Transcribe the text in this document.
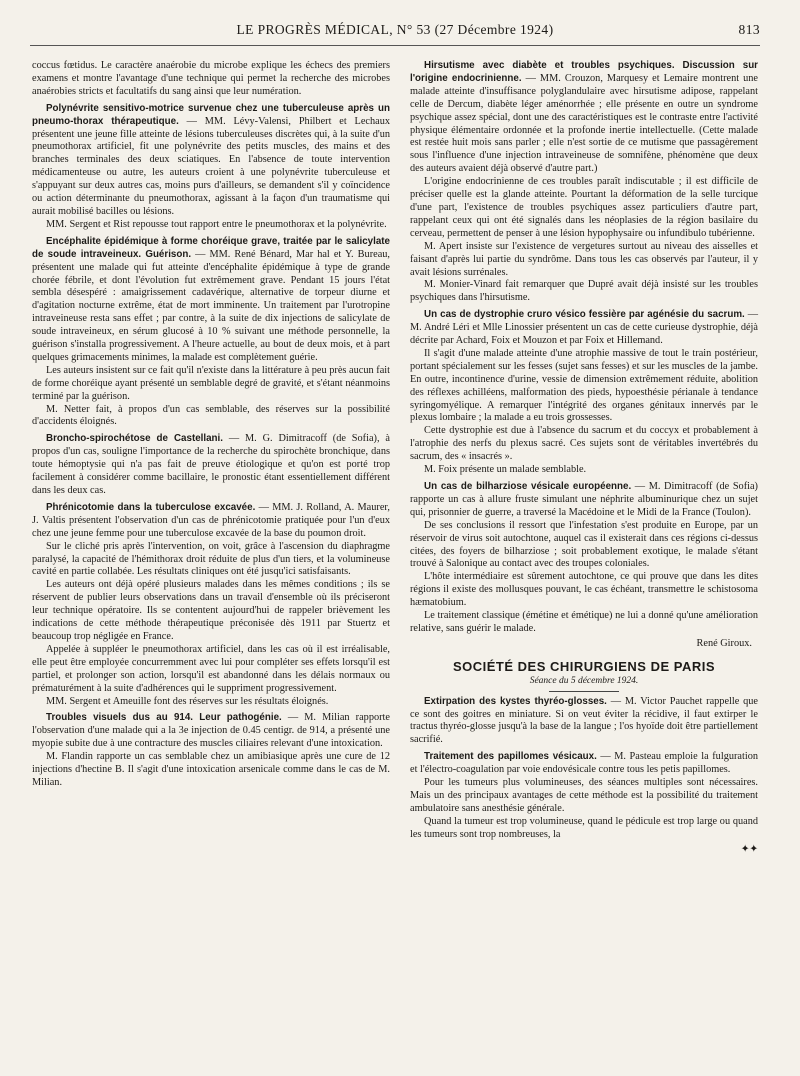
LE PROGRÈS MÉDICAL, N° 53 (27 Décembre 1924)	813

coccus fœtidus. Le caractère anaérobie du microbe explique les échecs des premiers examens et montre l'avantage d'une technique qui permet la recherche des microbes anaérobies stricts et facultatifs du sang ainsi que leur numération.

Polynévrite sensitivo-motrice survenue chez une tuberculeuse après un pneumo-thorax thérapeutique. — MM. Lévy-Valensi, Philbert et Lechaux présentent une jeune fille atteinte de lésions tuberculeuses discrètes qui, à la suite d'un pneumothorax artificiel, fit une polynévrite des petits muscles, des mains et des branches terminales des deux sciatiques. En l'absence de toute intervention médicamenteuse ou autre, les auteurs croient à une polynévrite tuberculeuse et s'appuyant sur deux autres cas, moins purs d'ailleurs, se demandent s'il y coïncidence ou action déterminante du pneumothorax, agissant à la façon d'un traumatisme qui aurait mobilisé bacilles ou lésions.

MM. Sergent et Rist repousse tout rapport entre le pneumothorax et la polynévrite.

Encéphalite épidémique à forme choréique grave, traitée par le salicylate de soude intraveineux. Guérison. — MM. René Bénard, Mar hal et Y. Bureau, présentent une malade qui fut atteinte d'encéphalite épidémique à type de grande chorée fébrile, et dont l'évolution fut extrêmement grave. Pendant 15 jours l'état sembla désespéré : amaigrissement cadavérique, alternative de torpeur diurne et d'agitation nocturne extrême, état de mort imminente. Un traitement par l'urotropine intraveineuse resta sans effet ; par contre, à la suite de dix injections de salicylate de soude intraveineux, en sérum glucosé à 10 % suivant une méthode personnelle, la guérison s'installa progressivement. A l'heure actuelle, au bout de deux mois, et à part quelques grimacements minimes, la malade est complètement guérie.

Les auteurs insistent sur ce fait qu'il n'existe dans la littérature à peu près aucun fait de forme choréique ayant présenté un semblable degré de gravité, et s'étant néanmoins terminé par la guérison.

M. Netter fait, à propos d'un cas semblable, des réserves sur la possibilité d'accidents éloignés.

Broncho-spirochétose de Castellani. — M. G. Dimitracoff (de Sofia), à propos d'un cas, souligne l'importance de la recherche du spirochète bronchique, dans toute hémoptysie qui n'a pas fait de preuve étiologique et qu'on est porté trop facilement à considérer comme bacillaire, le pronostic étant essentiellement différent dans les deux cas.

Phrénicotomie dans la tuberculose excavée. — MM. J. Rolland, A. Maurer, J. Valtis présentent l'observation d'un cas de phrénicotomie pratiquée pour l'un d'eux chez une jeune femme pour une tuberculose excavée de la base du poumon droit.

Sur le cliché pris après l'intervention, on voit, grâce à l'ascension du diaphragme paralysé, la capacité de l'hémithorax droit réduite de plus d'un tiers, et la volumineuse cavité en partie collabée. Les résultats cliniques ont été jusqu'ici satisfaisants.

Les auteurs ont déjà opéré plusieurs malades dans les mêmes conditions ; ils se réservent de publier leurs observations dans un travail d'ensemble où ils préciseront leur technique opératoire. Ils se contentent aujourd'hui de rappeler brièvement les indications de cette méthode thérapeutique préconisée dès 1911 par Stuertz et beaucoup trop négligée en France.

Appelée à suppléer le pneumothorax artificiel, dans les cas où il est irréalisable, elle peut être employée concurremment avec lui pour compléter ses effets lorsqu'il est partiel, et prolonger son action, lorsqu'il est abandonné dans les délais normaux ou prématurément à la suite d'adhérences qui le suppriment progressivement.

MM. Sergent et Ameuille font des réserves sur les résultats éloignés.

Troubles visuels dus au 914. Leur pathogénie. — M. Milian rapporte l'observation d'une malade qui a la 3e injection de 0.45 centigr. de 914, a présenté une myopie subite due à une contracture des muscles ciliaires relevant d'une intoxication.

M. Flandin rapporte un cas semblable chez un amibiasique après une cure de 12 injections d'hectine B. Il s'agit d'une intoxication arsenicale comme dans le cas de M. Milian.

Hirsutisme avec diabète et troubles psychiques. Discussion sur l'origine endocrinienne. — MM. Crouzon, Marquesy et Lemaire montrent une malade atteinte d'insuffisance polyglandulaire avec hirsutisme adipose, rappelant celle de Dercum, diabète léger aménorrhée ; elle présente en outre un syndrome psychique assez spécial, dont une des caractéristiques est le contraste entre l'activité physique élémentaire ordonnée et la profonde inertie intellectuelle. (Cette malade est restée huit mois sans parler ; elle n'est sortie de ce mutisme que passagèrement sous l'influence d'une injection intraveineuse de somnifène, phénomène que deux des auteurs avaient déjà observé d'autre part.)

L'origine endocrinienne de ces troubles paraît indiscutable ; il est difficile de préciser quelle est la glande atteinte. Pourtant la déformation de la selle turcique d'une part, l'existence de troubles psychiques assez particuliers d'autre part, rappelant ceux qui ont été signalés dans les néoplasies de la région basilaire du cerveau, permettent de penser à une lésion hypophysaire ou infundibulo tubérienne.

M. Apert insiste sur l'existence de vergetures surtout au niveau des aisselles et faisant d'après lui partie du syndrôme. Dans tous les cas observés par l'auteur, il y avait lésions surrénales.

M. Monier-Vinard fait remarquer que Dupré avait déjà insisté sur les troubles psychiques dans l'hirsutisme.

Un cas de dystrophie cruro vésico fessière par agénésie du sacrum. — M. André Léri et Mlle Linossier présentent un cas de cette curieuse dystrophie, déjà décrite par Achard, Foix et Mouzon et par Foix et Hillemand.

Il s'agit d'une malade atteinte d'une atrophie massive de tout le train postérieur, portant spécialement sur les fesses (sujet sans fesses) et sur les muscles de la jambe. En outre, incontinence d'urine, vessie de dimension extrêmement réduite, abolition des réflexes achilléens, malformation des pieds, hypoesthésie périanale à tendance syringomyélique. A remarquer l'intégrité des organes génitaux innervés par le plexus lombaire ; la malade a eu trois grossesses.

Cette dystrophie est due à l'absence du sacrum et du coccyx et probablement à l'atrophie des nerfs du plexus sacré. Ces sujets sont de véritables invertébrés du sacrum, des « insacrés ».

M. Foix présente un malade semblable.

Un cas de bilharziose vésicale européenne. — M. Dimitracoff (de Sofia) rapporte un cas à allure fruste simulant une néphrite albuminurique chez un sujet qui, prisonnier de guerre, a traversé la Macédoine et le Midi de la France (Toulon).

De ses conclusions il ressort que l'infestation s'est produite en Europe, par un réservoir de virus soit autochtone, auquel cas il existerait dans ces régions ci-dessus citées, des foyers de bilharziose ; soit probablement exotique, le malade s'étant trouvé à Salonique au contact avec des troupes coloniales.

L'hôte intermédiaire est sûrement autochtone, ce qui prouve que dans les dites régions il existe des mollusques pouvant, le cas échéant, transmettre le schistosoma hæmatobium.

Le traitement classique (émétine et émétique) ne lui a donné qu'une amélioration relative, sans guérir le malade.

René Giroux.
SOCIÉTÉ DES CHIRURGIENS DE PARIS
Séance du 5 décembre 1924.

Extirpation des kystes thyréo-glosses. — M. Victor Pauchet rappelle que ce sont des goitres en miniature. Si on veut éviter la récidive, il faut extirper le tractus thyréo-glosse jusqu'à la base de la langue ; l'os hyoïde doit être partiellement sacrifié.

Traitement des papillomes vésicaux. — M. Pasteau emploie la fulguration et l'électro-coagulation par voie endovésicale contre tous les petis papillomes.

Pour les tumeurs plus volumineuses, des séances multiples sont nécessaires. Mais un des principaux avantages de cette méthode est la possibilité du traitement ambulatoire sans anesthésie générale.

Quand la tumeur est trop volumineuse, quand le pédicule est trop large ou quand les tumeurs sont trop nombreuses, la

✦✦
